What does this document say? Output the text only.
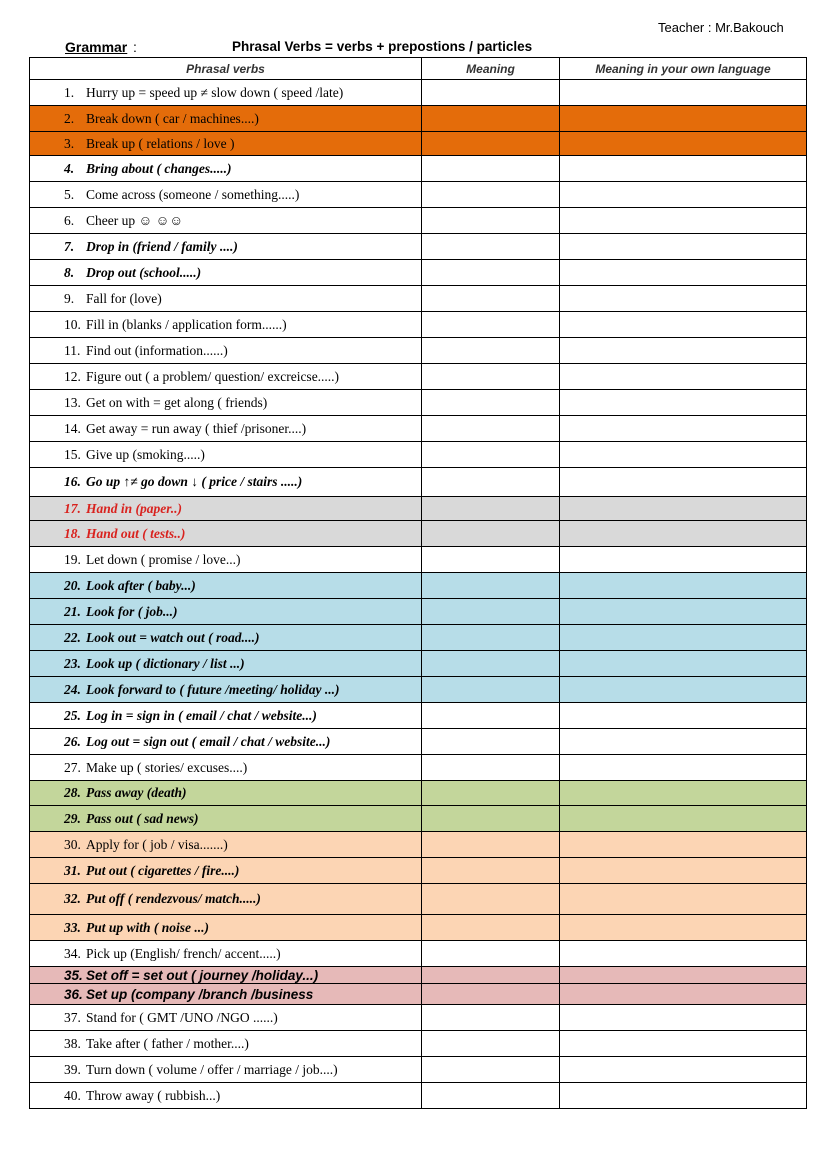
Teacher : Mr.Bakouch
Grammar :	Phrasal Verbs = verbs + prepostions / particles
Phrasal verbs	Meaning	Meaning in your own language
1. Hurry up = speed up ≠ slow down ( speed /late)		
2. Break down ( car / machines....)		
3. Break up ( relations / love )		
4. Bring about ( changes.....)		
5. Come across (someone / something.....)		
6. Cheer up ☺ ☺☺		
7. Drop in (friend / family ....)		
8. Drop out (school.....)		
9. Fall for (love)		
10. Fill in (blanks / application form......)		
11. Find out (information......)		
12. Figure out ( a problem/ question/ excreicse.....)		
13. Get on with = get along ( friends)		
14. Get away = run away ( thief /prisoner....)		
15. Give up (smoking.....)		
16. Go up ↑≠ go down ↓ ( price / stairs .....)		
17. Hand in (paper..)		
18. Hand out ( tests..)		
19. Let down ( promise / love...)		
20. Look after ( baby...)		
21. Look for ( job...)		
22. Look out = watch out ( road....)		
23. Look up ( dictionary / list ...)		
24. Look forward to ( future /meeting/ holiday ...)		
25. Log in = sign in ( email / chat / website...)		
26. Log out = sign out ( email / chat / website...)		
27. Make up ( stories/ excuses....)		
28. Pass away (death)		
29. Pass out ( sad news)		
30. Apply for ( job / visa.......)		
31. Put out ( cigarettes / fire....)		
32. Put off ( rendezvous/ match.....)		
33. Put up with ( noise ...)		
34. Pick up (English/ french/ accent.....)		
35. Set off = set out ( journey /holiday...)		
36. Set up (company /branch /business		
37. Stand for ( GMT /UNO /NGO ......)		
38. Take after ( father / mother....)		
39. Turn down ( volume / offer / marriage / job....)		
40. Throw away ( rubbish...)		
